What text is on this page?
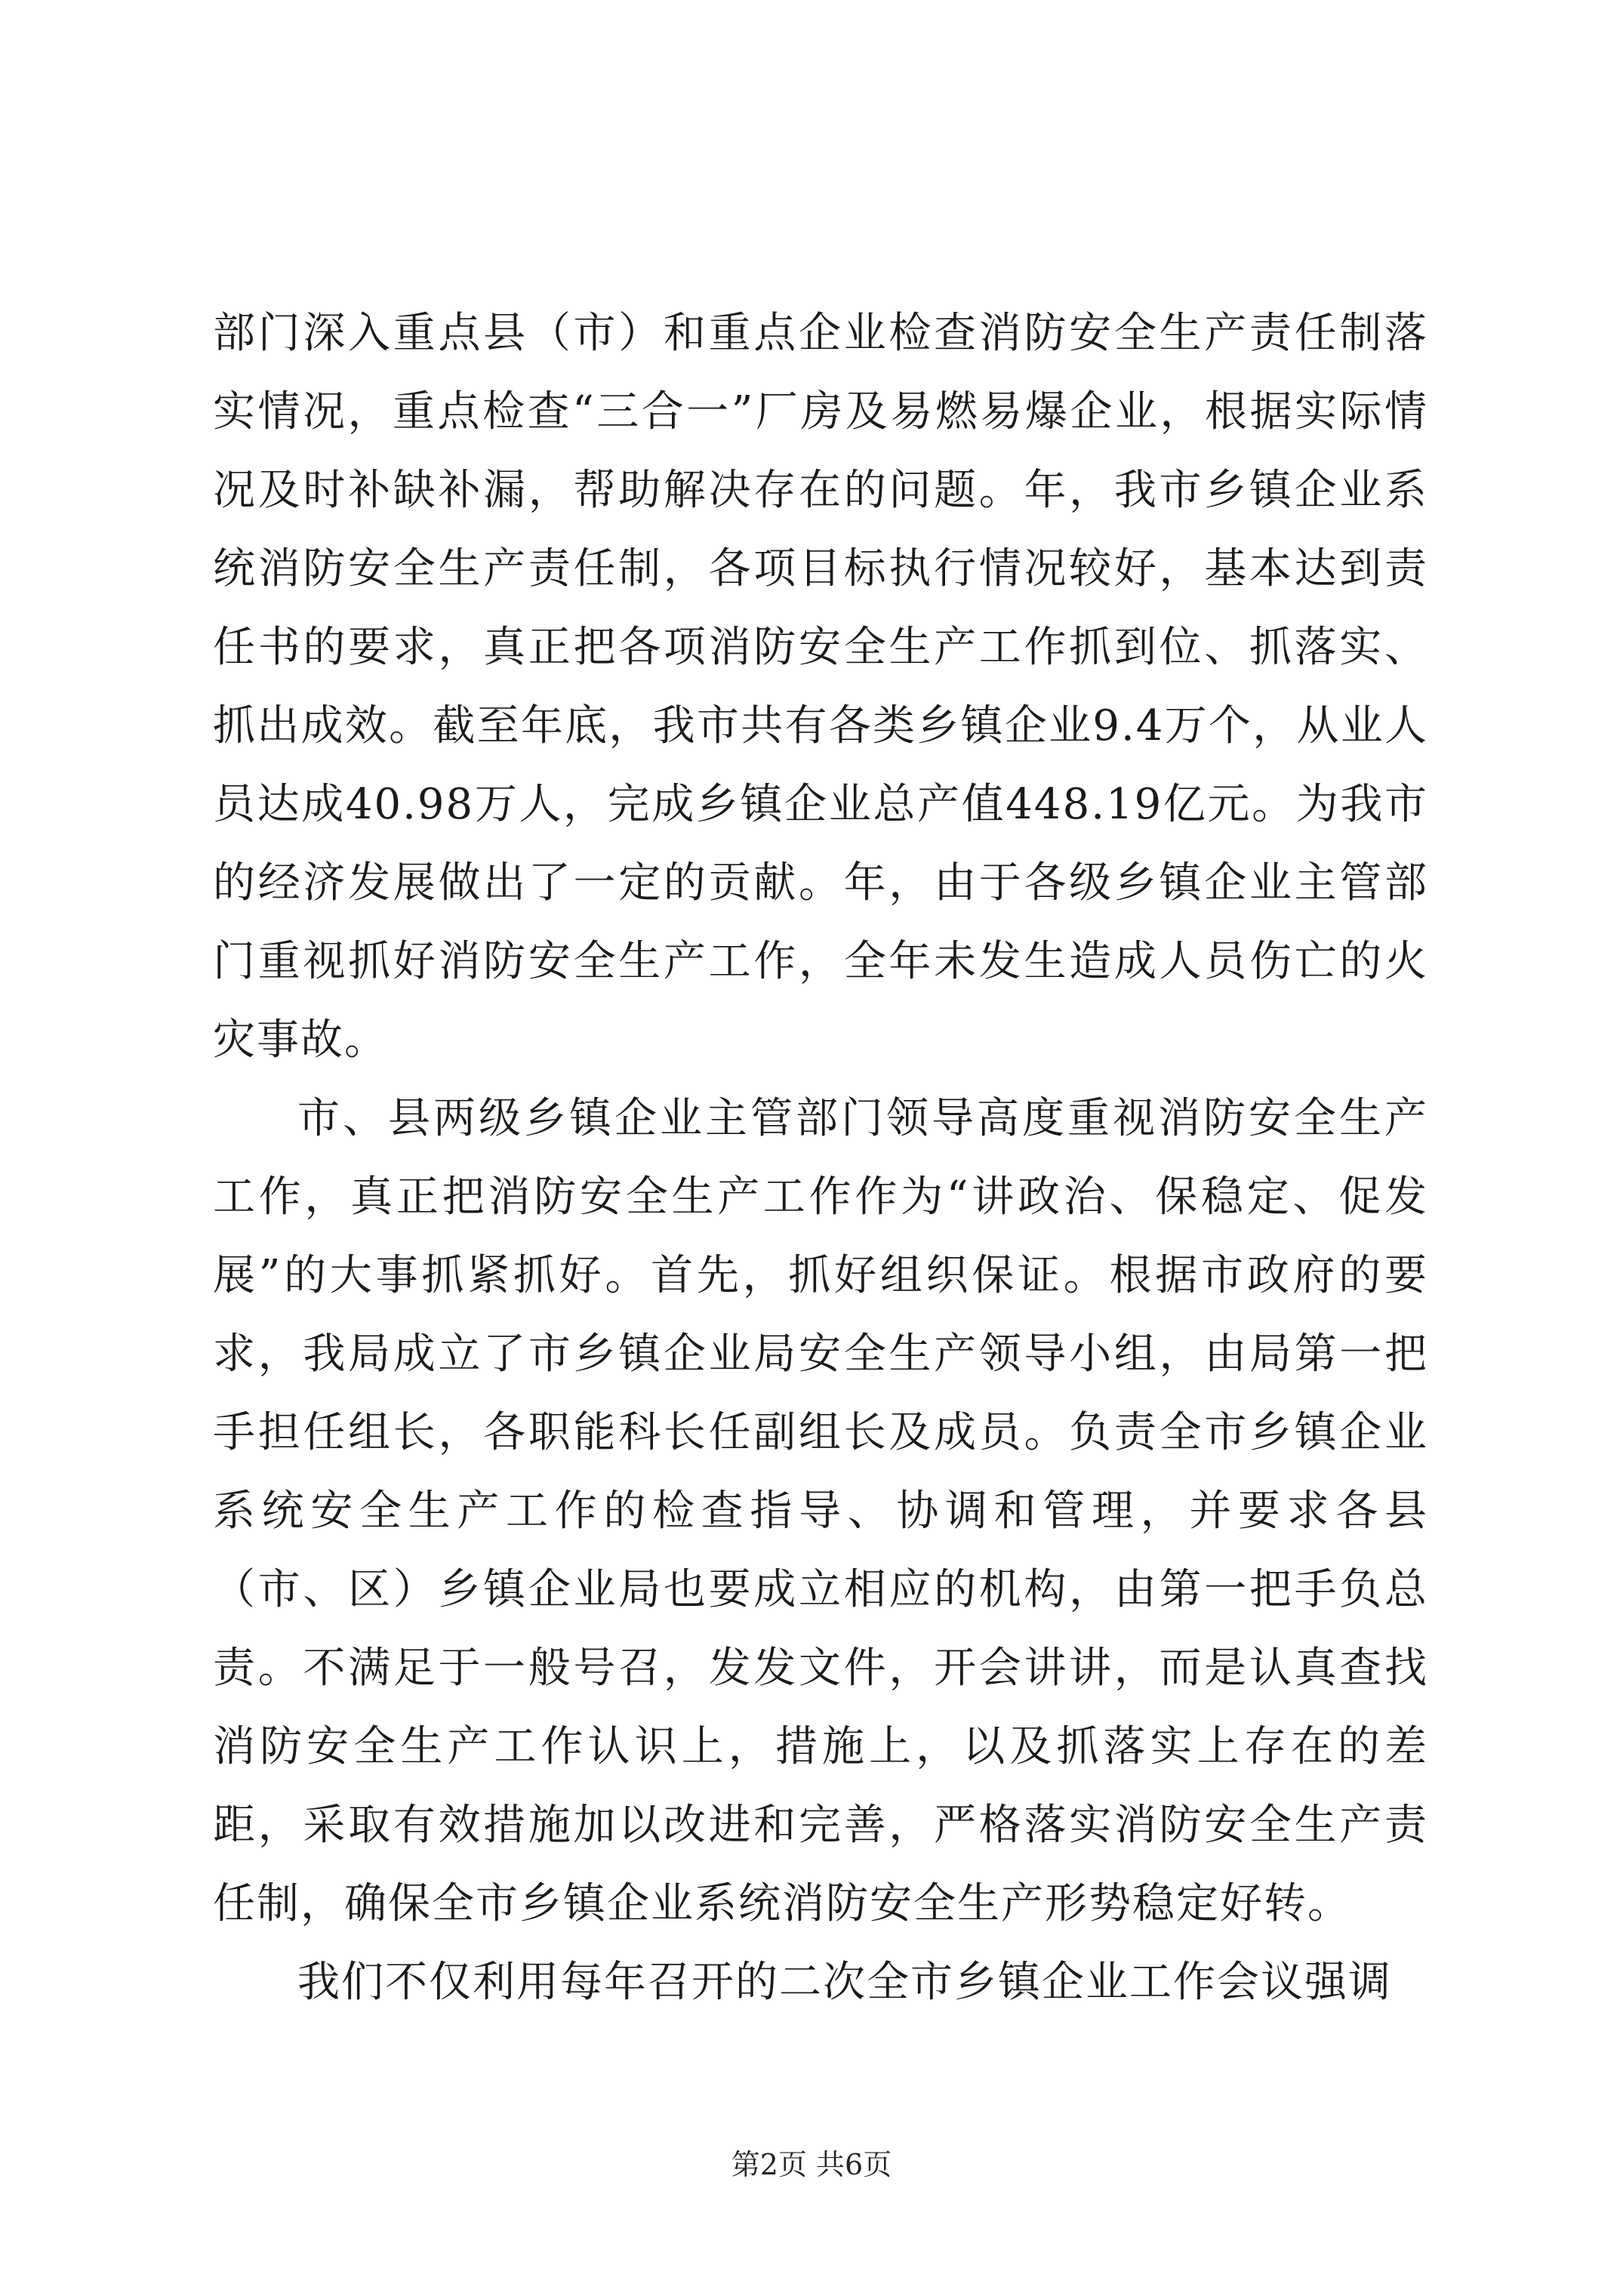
部门深入重点县（市）和重点企业检查消防安全生产责任制落实情况，重点检查“三合一”厂房及易燃易爆企业，根据实际情况及时补缺补漏，帮助解决存在的问题。年，我市乡镇企业系统消防安全生产责任制，各项目标执行情况较好，基本达到责任书的要求，真正把各项消防安全生产工作抓到位、抓落实、抓出成效。截至年底，我市共有各类乡镇企业9.4万个，从业人员达成40.98万人，完成乡镇企业总产值448.19亿元。为我市的经济发展做出了一定的贡献。年，由于各级乡镇企业主管部门重视抓好消防安全生产工作，全年未发生造成人员伤亡的火灾事故。

市、县两级乡镇企业主管部门领导高度重视消防安全生产工作，真正把消防安全生产工作作为“讲政治、保稳定、促发展”的大事抓紧抓好。首先，抓好组织保证。根据市政府的要求，我局成立了市乡镇企业局安全生产领导小组，由局第一把手担任组长，各职能科长任副组长及成员。负责全市乡镇企业系统安全生产工作的检查指导、协调和管理，并要求各县（市、区）乡镇企业局也要成立相应的机构，由第一把手负总责。不满足于一般号召，发发文件，开会讲讲，而是认真查找消防安全生产工作认识上，措施上，以及抓落实上存在的差距，采取有效措施加以改进和完善，严格落实消防安全生产责任制，确保全市乡镇企业系统消防安全生产形势稳定好转。

我们不仅利用每年召开的二次全市乡镇企业工作会议强调

第2页 共6页
